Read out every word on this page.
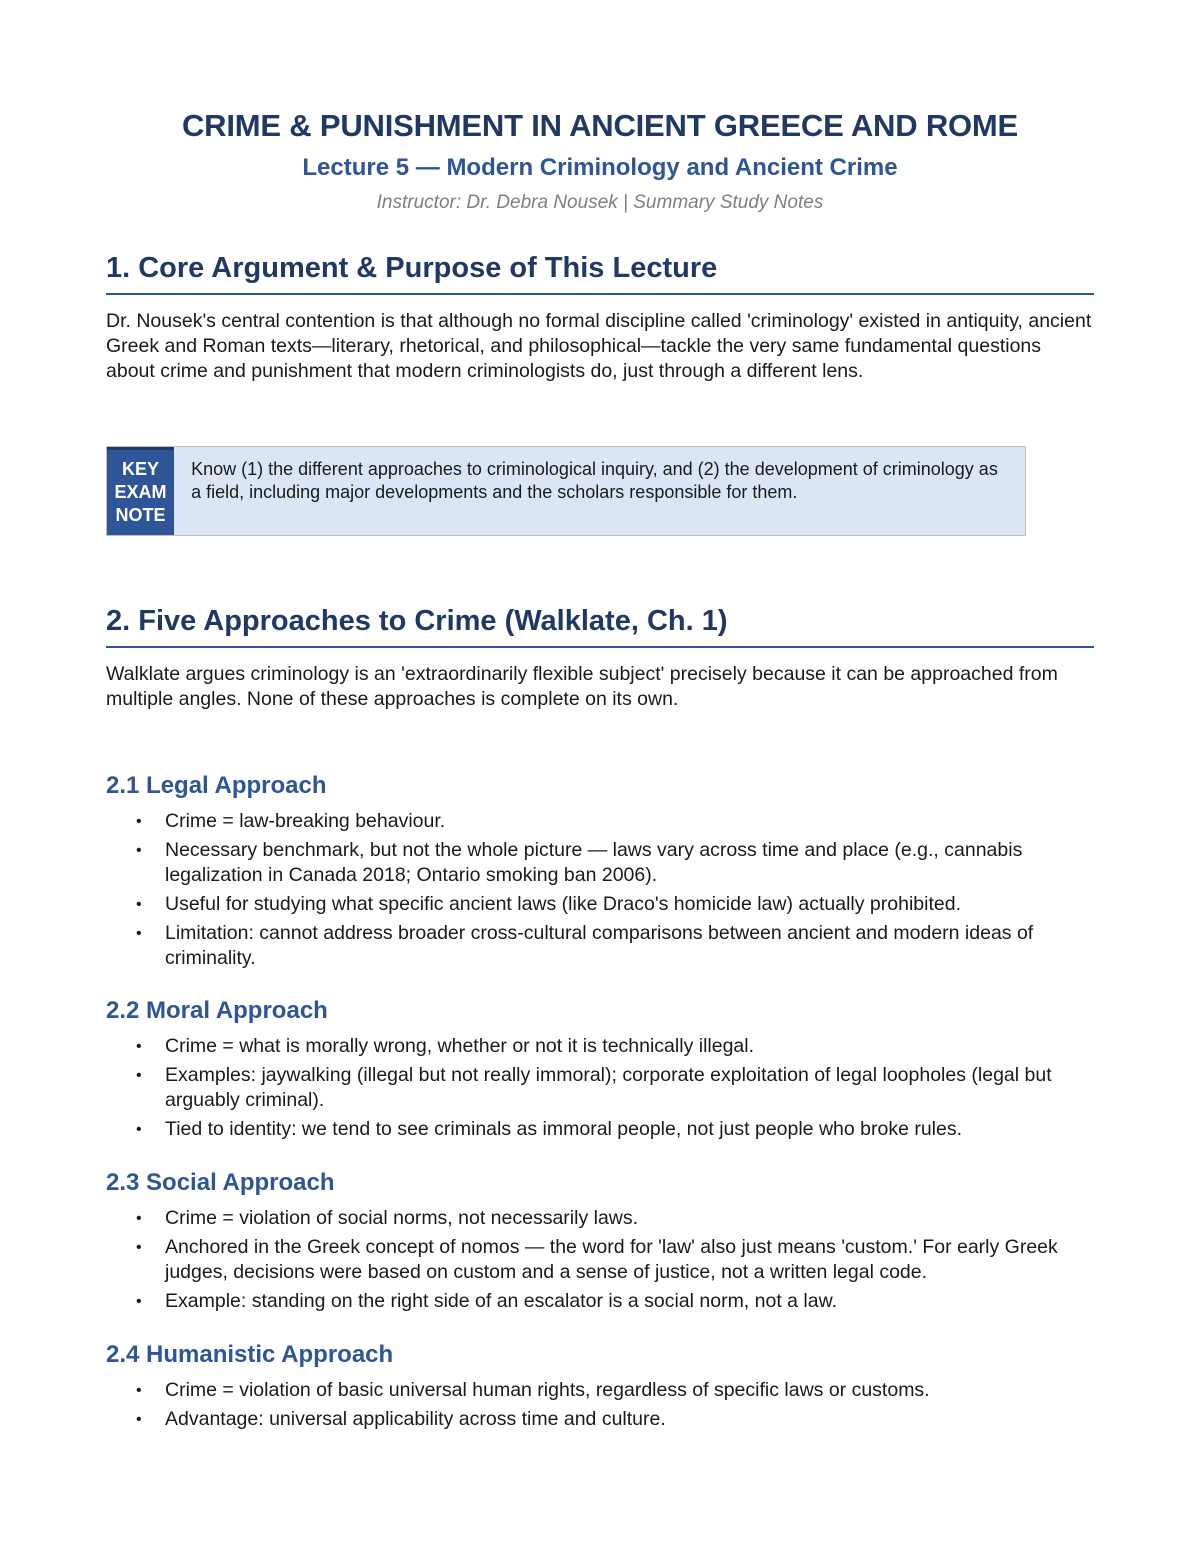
CRIME & PUNISHMENT IN ANCIENT GREECE AND ROME
Lecture 5 — Modern Criminology and Ancient Crime
Instructor: Dr. Debra Nousek | Summary Study Notes
1. Core Argument & Purpose of This Lecture
Dr. Nousek's central contention is that although no formal discipline called 'criminology' existed in antiquity, ancient Greek and Roman texts—literary, rhetorical, and philosophical—tackle the very same fundamental questions about crime and punishment that modern criminologists do, just through a different lens.
KEY
EXAM
NOTE
Know (1) the different approaches to criminological inquiry, and (2) the development of criminology as a field, including major developments and the scholars responsible for them.
2. Five Approaches to Crime (Walklate, Ch. 1)
Walklate argues criminology is an 'extraordinarily flexible subject' precisely because it can be approached from multiple angles. None of these approaches is complete on its own.
2.1 Legal Approach
• Crime = law-breaking behaviour.
• Necessary benchmark, but not the whole picture — laws vary across time and place (e.g., cannabis legalization in Canada 2018; Ontario smoking ban 2006).
• Useful for studying what specific ancient laws (like Draco's homicide law) actually prohibited.
• Limitation: cannot address broader cross-cultural comparisons between ancient and modern ideas of criminality.
2.2 Moral Approach
• Crime = what is morally wrong, whether or not it is technically illegal.
• Examples: jaywalking (illegal but not really immoral); corporate exploitation of legal loopholes (legal but arguably criminal).
• Tied to identity: we tend to see criminals as immoral people, not just people who broke rules.
2.3 Social Approach
• Crime = violation of social norms, not necessarily laws.
• Anchored in the Greek concept of nomos — the word for 'law' also just means 'custom.' For early Greek judges, decisions were based on custom and a sense of justice, not a written legal code.
• Example: standing on the right side of an escalator is a social norm, not a law.
2.4 Humanistic Approach
• Crime = violation of basic universal human rights, regardless of specific laws or customs.
• Advantage: universal applicability across time and culture.
